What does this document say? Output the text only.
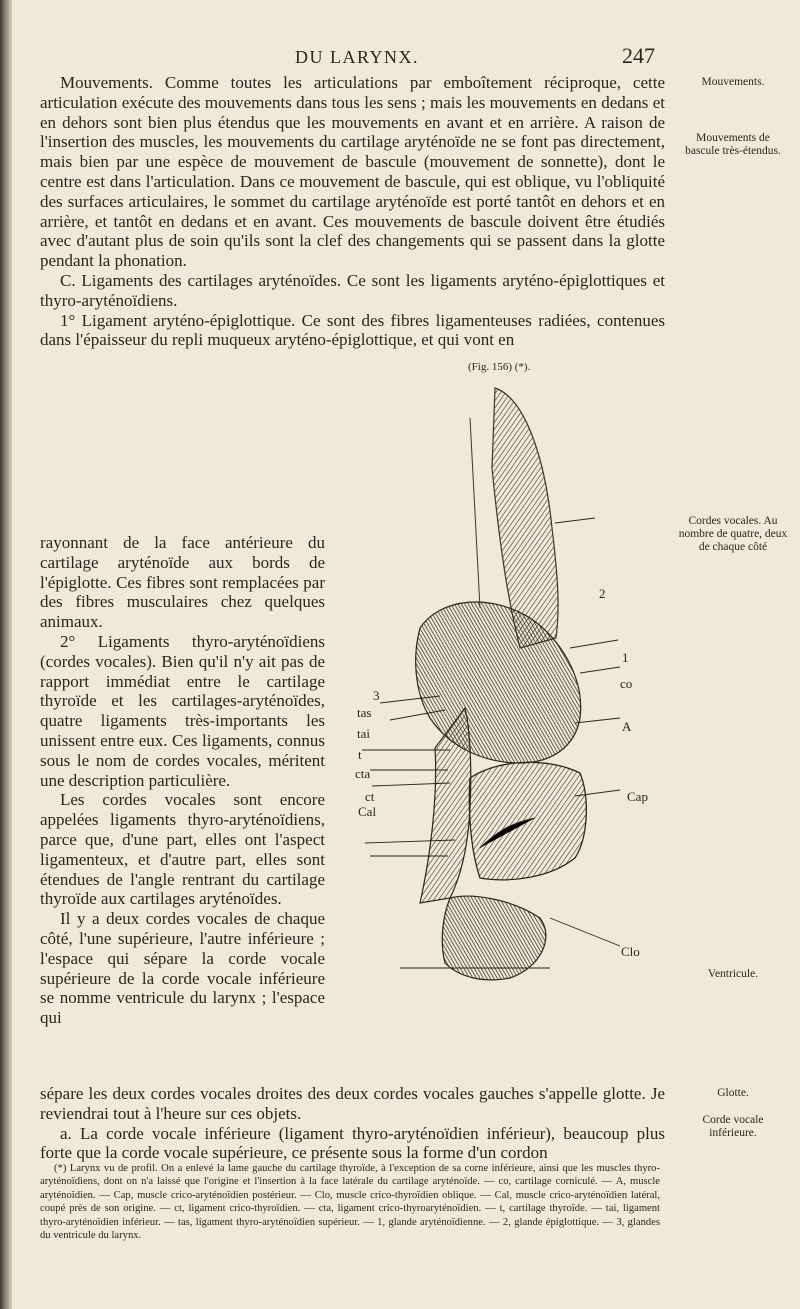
DU LARYNX.	247

Mouvements. Comme toutes les articulations par emboîtement réciproque, cette articulation exécute des mouvements dans tous les sens ; mais les mouvements en dedans et en dehors sont bien plus étendus que les mouvements en avant et en arrière. A raison de l'insertion des muscles, les mouvements du cartilage aryténoïde ne se font pas directement, mais bien par une espèce de mouvement de bascule (mouvement de sonnette), dont le centre est dans l'articulation. Dans ce mouvement de bascule, qui est oblique, vu l'obliquité des surfaces articulaires, le sommet du cartilage aryténoïde est porté tantôt en dehors et en arrière, et tantôt en dedans et en avant. Ces mouvements de bascule doivent être étudiés avec d'autant plus de soin qu'ils sont la clef des changements qui se passent dans la glotte pendant la phonation.

C. Ligaments des cartilages aryténoïdes. Ce sont les ligaments aryténo-épiglottiques et thyro-aryténoïdiens.

1° Ligament aryténo-épiglottique. Ce sont des fibres ligamenteuses radiées, contenues dans l'épaisseur du repli muqueux aryténo-épiglottique, et qui vont en

rayonnant de la face antérieure du cartilage aryténoïde aux bords de l'épiglotte. Ces fibres sont remplacées par des fibres musculaires chez quelques animaux.

2° Ligaments thyro-aryténoïdiens (cordes vocales). Bien qu'il n'y ait pas de rapport immédiat entre le cartilage thyroïde et les cartilages-aryténoïdes, quatre ligaments très-importants les unissent entre eux. Ces ligaments, connus sous le nom de cordes vocales, méritent une description particulière.

Les cordes vocales sont encore appelées ligaments thyro-aryténoïdiens, parce que, d'une part, elles ont l'aspect ligamenteux, et d'autre part, elles sont étendues de l'angle rentrant du cartilage thyroïde aux cartilages aryténoïdes.

Il y a deux cordes vocales de chaque côté, l'une supérieure, l'autre inférieure ; l'espace qui sépare la corde vocale supérieure de la corde vocale inférieure se nomme ventricule du larynx ; l'espace qui

(Fig. 156) (*).
3
tas
tai
t
cta
ct
Cal
2
1
co
A
Cap
Clo

sépare les deux cordes vocales droites des deux cordes vocales gauches s'appelle glotte. Je reviendrai tout à l'heure sur ces objets.

a. La corde vocale inférieure (ligament thyro-aryténoïdien inférieur), beaucoup plus forte que la corde vocale supérieure, ce présente sous la forme d'un cordon

(*) Larynx vu de profil. On a enlevé la lame gauche du cartilage thyroïde, à l'exception de sa corne inférieure, ainsi que les muscles thyro-aryténoïdiens, dont on n'a laissé que l'origine et l'insertion à la face latérale du cartilage aryténoïde. — co, cartilage corniculé. — A, muscle aryténoïdien. — Cap, muscle crico-aryténoïdien postérieur. — Clo, muscle crico-thyroïdien oblique. — Cal, muscle crico-aryténoïdien latéral, coupé près de son origine. — ct, ligament crico-thyroïdien. — cta, ligament crico-thyroaryténoïdien. — t, cartilage thyroïde. — tai, ligament thyro-aryténoïdien inférieur. — tas, ligament thyro-aryténoïdien supérieur. — 1, glande aryténoïdienne. — 2, glande épiglottique. — 3, glandes du ventricule du larynx.

Mouvements.
Mouvements de bascule très-étendus.
Cordes vocales. Au nombre de quatre, deux de chaque côté
Ventricule.
Glotte.
Corde vocale inférieure.
